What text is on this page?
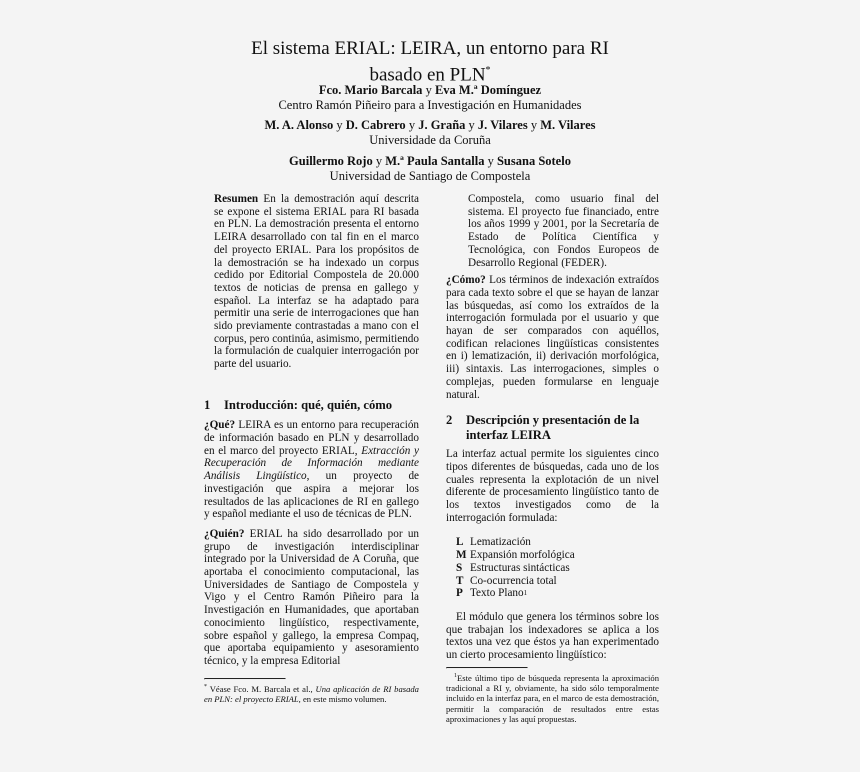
El sistema ERIAL: LEIRA, un entorno para RI
basado en PLN*
Fco. Mario Barcala y Eva M.ª Domínguez
Centro Ramón Piñeiro para a Investigación en Humanidades
M. A. Alonso y D. Cabrero y J. Graña y J. Vilares y M. Vilares
Universidade da Coruña
Guillermo Rojo y M.ª Paula Santalla y Susana Sotelo
Universidad de Santiago de Compostela

Resumen En la demostración aquí descrita se expone el sistema ERIAL para RI basada en PLN. La demostración presenta el entorno LEIRA desarrollado con tal fin en el marco del proyecto ERIAL. Para los propósitos de la demostración se ha indexado un corpus cedido por Editorial Compostela de 20.000 textos de noticias de prensa en gallego y español. La interfaz se ha adaptado para permitir una serie de interrogaciones que han sido previamente contrastadas a mano con el corpus, pero continúa, asimismo, permitiendo la formulación de cualquier interrogación por parte del usuario.

1 Introducción: qué, quién, cómo

¿Qué? LEIRA es un entorno para recuperación de información basado en PLN y desarrollado en el marco del proyecto ERIAL, Extracción y Recuperación de Información mediante Análisis Lingüístico, un proyecto de investigación que aspira a mejorar los resultados de las aplicaciones de RI en gallego y español mediante el uso de técnicas de PLN.

¿Quién? ERIAL ha sido desarrollado por un grupo de investigación interdisciplinar integrado por la Universidad de A Coruña, que aportaba el conocimiento computacional, las Universidades de Santiago de Compostela y Vigo y el Centro Ramón Piñeiro para la Investigación en Humanidades, que aportaban conocimiento lingüístico, respectivamente, sobre español y gallego, la empresa Compaq, que aportaba equipamiento y asesoramiento técnico, y la empresa Editorial

* Véase Fco. M. Barcala et al., Una aplicación de RI basada en PLN: el proyecto ERIAL, en este mismo volumen.

Compostela, como usuario final del sistema. El proyecto fue financiado, entre los años 1999 y 2001, por la Secretaría de Estado de Política Científica y Tecnológica, con Fondos Europeos de Desarrollo Regional (FEDER).

¿Cómo? Los términos de indexación extraídos para cada texto sobre el que se hayan de lanzar las búsquedas, así como los extraídos de la interrogación formulada por el usuario y que hayan de ser comparados con aquéllos, codifican relaciones lingüísticas consistentes en i) lematización, ii) derivación morfológica, iii) sintaxis. Las interrogaciones, simples o complejas, pueden formularse en lenguaje natural.

2 Descripción y presentación de la
interfaz LEIRA

La interfaz actual permite los siguientes cinco tipos diferentes de búsquedas, cada uno de los cuales representa la explotación de un nivel diferente de procesamiento lingüístico tanto de los textos investigados como de la interrogación formulada:

L Lematización
M Expansión morfológica
S Estructuras sintácticas
T Co-ocurrencia total
P Texto Plano 1

El módulo que genera los términos sobre los que trabajan los indexadores se aplica a los textos una vez que éstos ya han experimentado un cierto procesamiento lingüístico:

$^1$Este último tipo de búsqueda representa la aproximación tradicional a RI y, obviamente, ha sido sólo temporalmente incluido en la interfaz para, en el marco de esta demostración, permitir la comparación de resultados entre estas aproximaciones y las aquí propuestas.
